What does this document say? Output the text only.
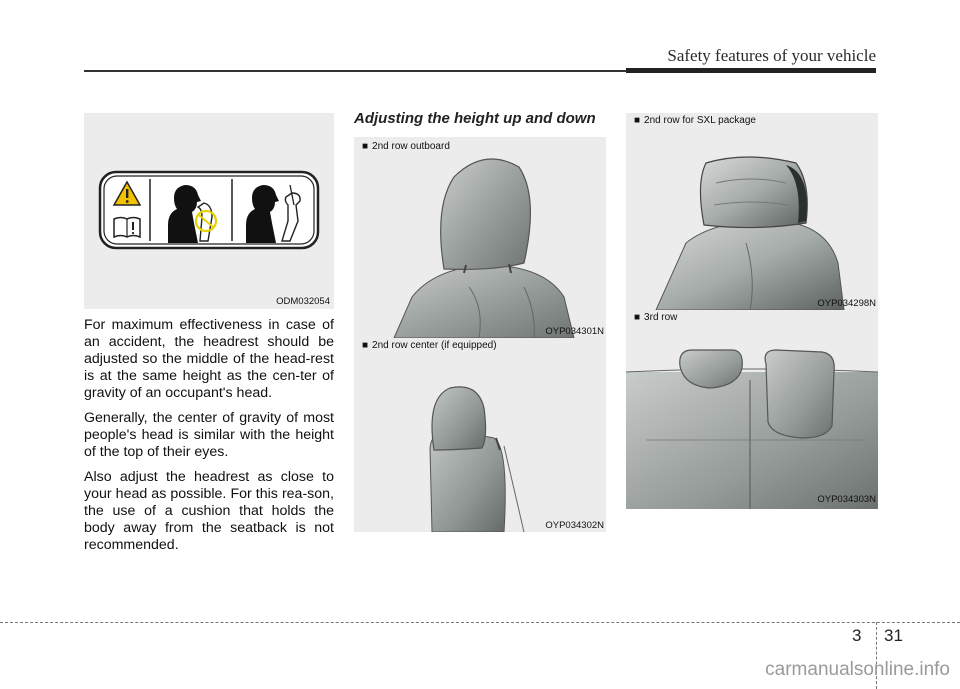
Safety features of your vehicle
ODM032054

For maximum effectiveness in case of an accident, the headrest should be adjusted so the middle of the head-rest is at the same height as the cen-ter of gravity of an occupant's head.

Generally, the center of gravity of most people's head is similar with the height of the top of their eyes.

Also adjust the headrest as close to your head as possible. For this rea-son, the use of a cushion that holds the body away from the seatback is not recommended.

Adjusting the height up and down
■ 2nd row outboard
OYP034301N
■ 2nd row center (if equipped)
OYP034302N
■ 2nd row for SXL package
OYP034298N
■ 3rd row
OYP034303N
3 31
carmanualsonline.info
